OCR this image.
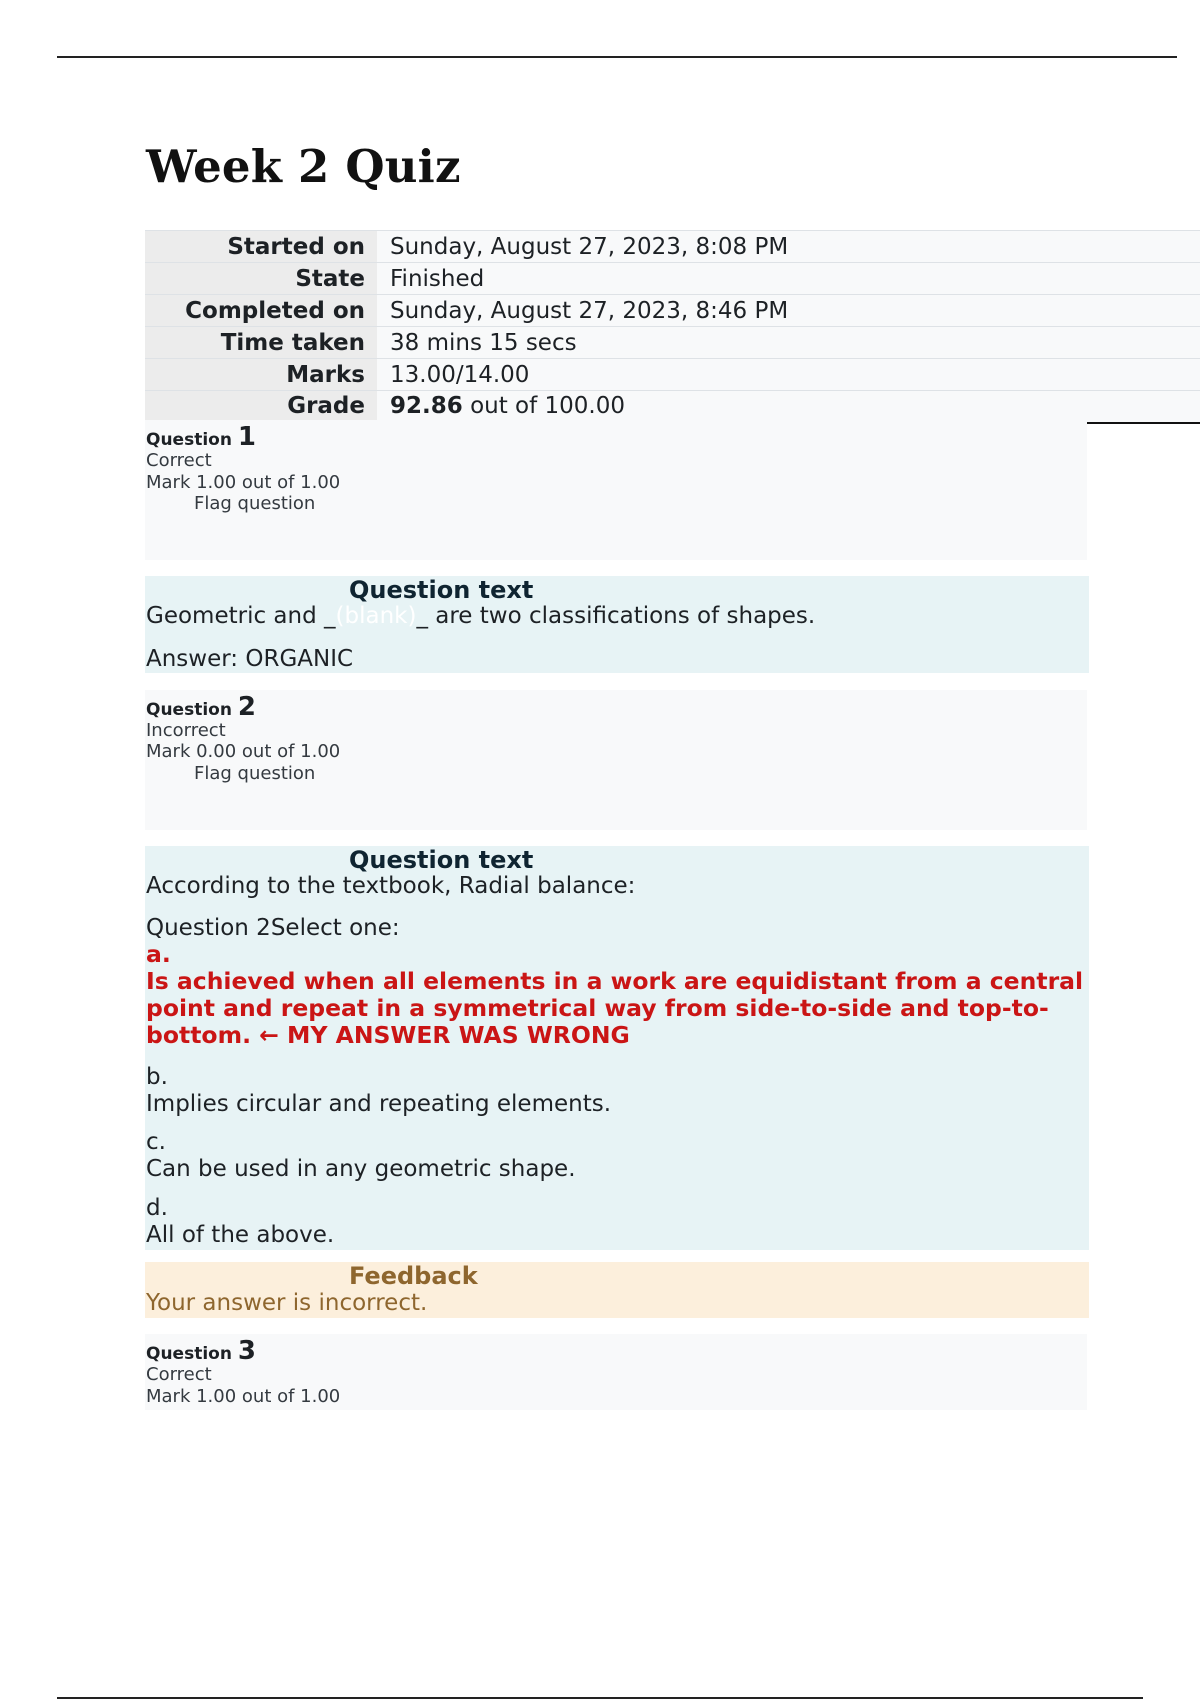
Week 2 Quiz
Started on	Sunday, August 27, 2023, 8:08 PM
State	Finished
Completed on	Sunday, August 27, 2023, 8:46 PM
Time taken	38 mins 15 secs
Marks	13.00/14.00
Grade	92.86 out of 100.00
Question 1
Correct
Mark 1.00 out of 1.00
Flag question
Question text
Geometric and _(blank)_ are two classifications of shapes.
Answer: ORGANIC
Question 2
Incorrect
Mark 0.00 out of 1.00
Flag question
Question text
According to the textbook, Radial balance:
Question 2Select one:
a.
Is achieved when all elements in a work are equidistant from a central point and repeat in a symmetrical way from side-to-side and top-to-bottom. ← MY ANSWER WAS WRONG
b.
Implies circular and repeating elements.
c.
Can be used in any geometric shape.
d.
All of the above.
Feedback
Your answer is incorrect.
Question 3
Correct
Mark 1.00 out of 1.00
